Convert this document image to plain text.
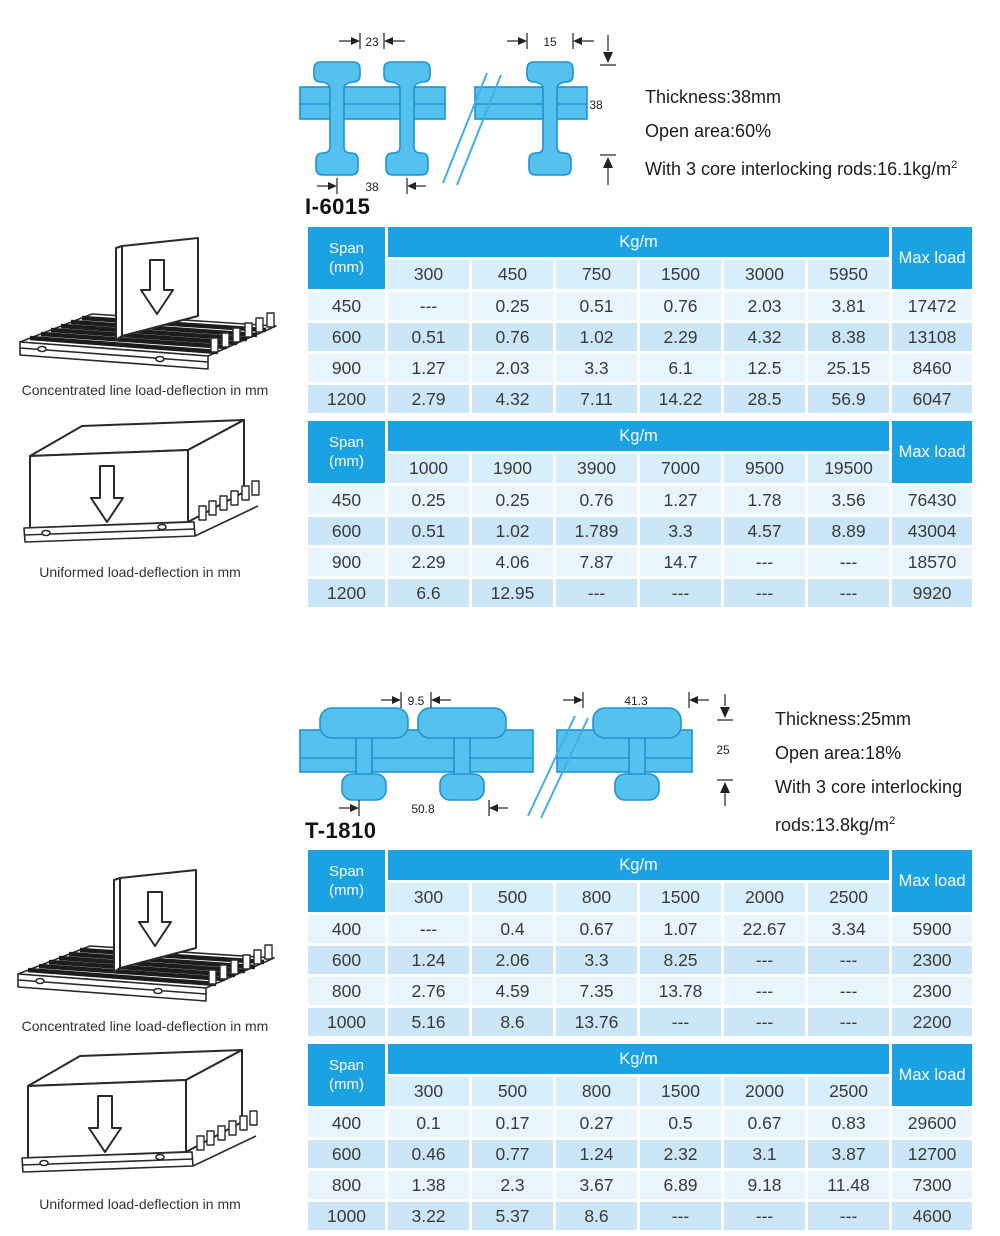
23	15
38
38
Thickness:38mm
Open area:60%
With 3 core interlocking $rods:16.1kg/m^2$
I-6015
Span
(mm)	Kg/m						Max load
	300	450	750	1500	3000	5950	
450	---	0.25	0.51	0.76	2.03	3.81	17472
600	0.51	0.76	1.02	2.29	4.32	8.38	13108
900	1.27	2.03	3.3	6.1	12.5	25.15	8460
1200	2.79	4.32	7.11	14.22	28.5	56.9	6047
Concentrated line load-deflection in mm
Uniformed load-deflection in mm
Span
(mm)	Kg/m						Max load
	1000	1900	3900	7000	9500	19500	
450	0.25	0.25	0.76	1.27	1.78	3.56	76430
600	0.51	1.02	1.789	3.3	4.57	8.89	43004
900	2.29	4.06	7.87	14.7	---	---	18570
1200	6.6	12.95	---	---	---	---	9920
9.5	41.3
25
50.8
Thickness:25mm
Open area:18%
With 3 core interlocking
$rods:13.8kg/m^2$
T-1810
Span
(mm)	Kg/m						Max load
	300	500	800	1500	2000	2500	
400	---	0.4	0.67	1.07	22.67	3.34	5900
600	1.24	2.06	3.3	8.25	---	---	2300
800	2.76	4.59	7.35	13.78	---	---	2300
1000	5.16	8.6	13.76	---	---	---	2200
Concentrated line load-deflection in mm
Uniformed load-deflection in mm
Span
(mm)	Kg/m						Max load
	300	500	800	1500	2000	2500	
400	0.1	0.17	0.27	0.5	0.67	0.83	29600
600	0.46	0.77	1.24	2.32	3.1	3.87	12700
800	1.38	2.3	3.67	6.89	9.18	11.48	7300
1000	3.22	5.37	8.6	---	---	---	4600
